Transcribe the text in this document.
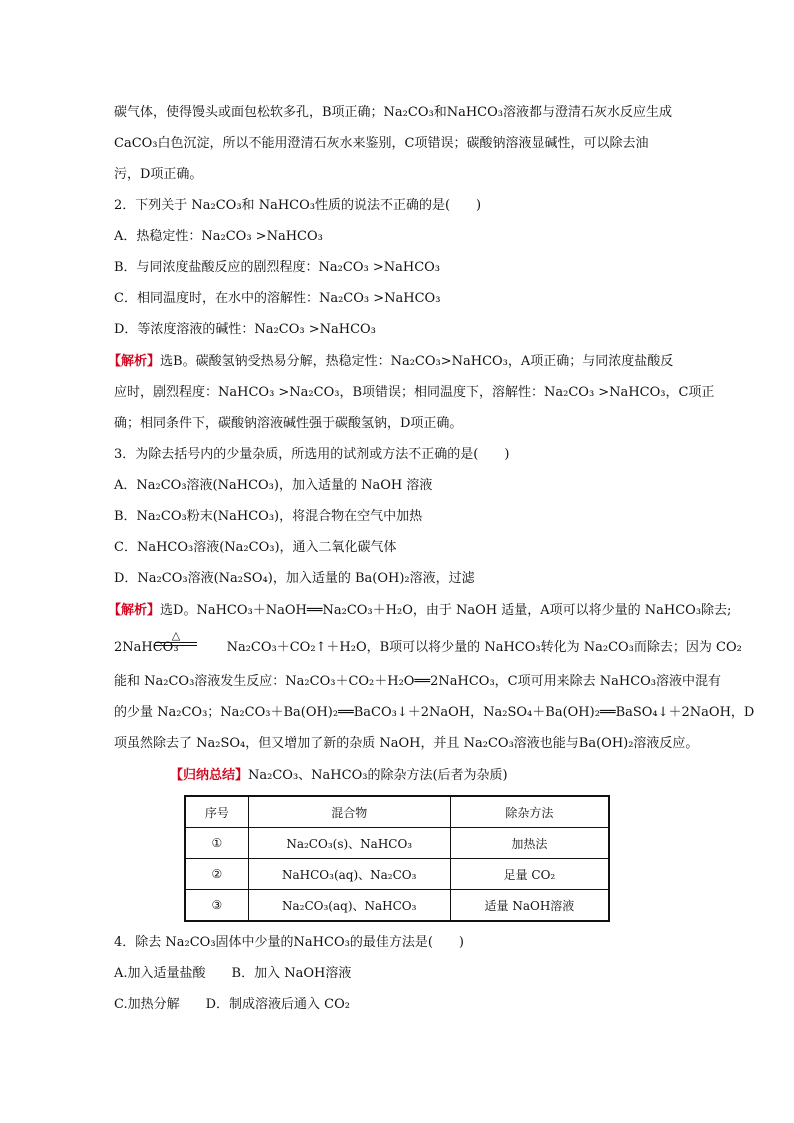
碳气体，使得馒头或面包松软多孔，B项正确；Na₂CO₃和NaHCO₃溶液都与澄清石灰水反应生成
CaCO₃白色沉淀，所以不能用澄清石灰水来鉴别，C项错误；碳酸钠溶液显碱性，可以除去油
污，D项正确。
2．下列关于 Na₂CO₃和 NaHCO₃性质的说法不正确的是(　　)
A．热稳定性：Na₂CO₃ >NaHCO₃
B．与同浓度盐酸反应的剧烈程度：Na₂CO₃ >NaHCO₃
C．相同温度时，在水中的溶解性：Na₂CO₃ >NaHCO₃
D．等浓度溶液的碱性：Na₂CO₃ >NaHCO₃
【解析】选B。碳酸氢钠受热易分解，热稳定性：Na₂CO₃>NaHCO₃，A项正确；与同浓度盐酸反
应时，剧烈程度：NaHCO₃ >Na₂CO₃，B项错误；相同温度下，溶解性：Na₂CO₃ >NaHCO₃，C项正
确；相同条件下，碳酸钠溶液碱性强于碳酸氢钠，D项正确。
3．为除去括号内的少量杂质，所选用的试剂或方法不正确的是(　　)
A．Na₂CO₃溶液(NaHCO₃)，加入适量的 NaOH 溶液
B．Na₂CO₃粉末(NaHCO₃)，将混合物在空气中加热
C．NaHCO₃溶液(Na₂CO₃)，通入二氧化碳气体
D．Na₂CO₃溶液(Na₂SO₄)，加入适量的 Ba(OH)₂溶液，过滤
【解析】选D。NaHCO₃＋NaOH══Na₂CO₃＋H₂O，由于 NaOH 适量，A项可以将少量的 NaHCO₃除去;
2NaHCO₃	Na₂CO₃＋CO₂↑＋H₂O，B项可以将少量的 NaHCO₃转化为 Na₂CO₃而除去；因为 CO₂
△
能和 Na₂CO₃溶液发生反应：Na₂CO₃＋CO₂＋H₂O══2NaHCO₃，C项可用来除去 NaHCO₃溶液中混有
的少量 Na₂CO₃；Na₂CO₃＋Ba(OH)₂══BaCO₃↓＋2NaOH，Na₂SO₄＋Ba(OH)₂══BaSO₄↓＋2NaOH，D
项虽然除去了 Na₂SO₄，但又增加了新的杂质 NaOH，并且 Na₂CO₃溶液也能与Ba(OH)₂溶液反应。
【归纳总结】Na₂CO₃、NaHCO₃的除杂方法(后者为杂质)
序号	混合物	除杂方法
①	Na₂CO₃(s)、NaHCO₃	加热法
②	NaHCO₃(aq)、Na₂CO₃	足量 CO₂
③	Na₂CO₃(aq)、NaHCO₃	适量 NaOH溶液
4．除去 Na₂CO₃固体中少量的NaHCO₃的最佳方法是(　　)
A.加入适量盐酸　　B．加入 NaOH溶液
C.加热分解　　D．制成溶液后通入 CO₂
